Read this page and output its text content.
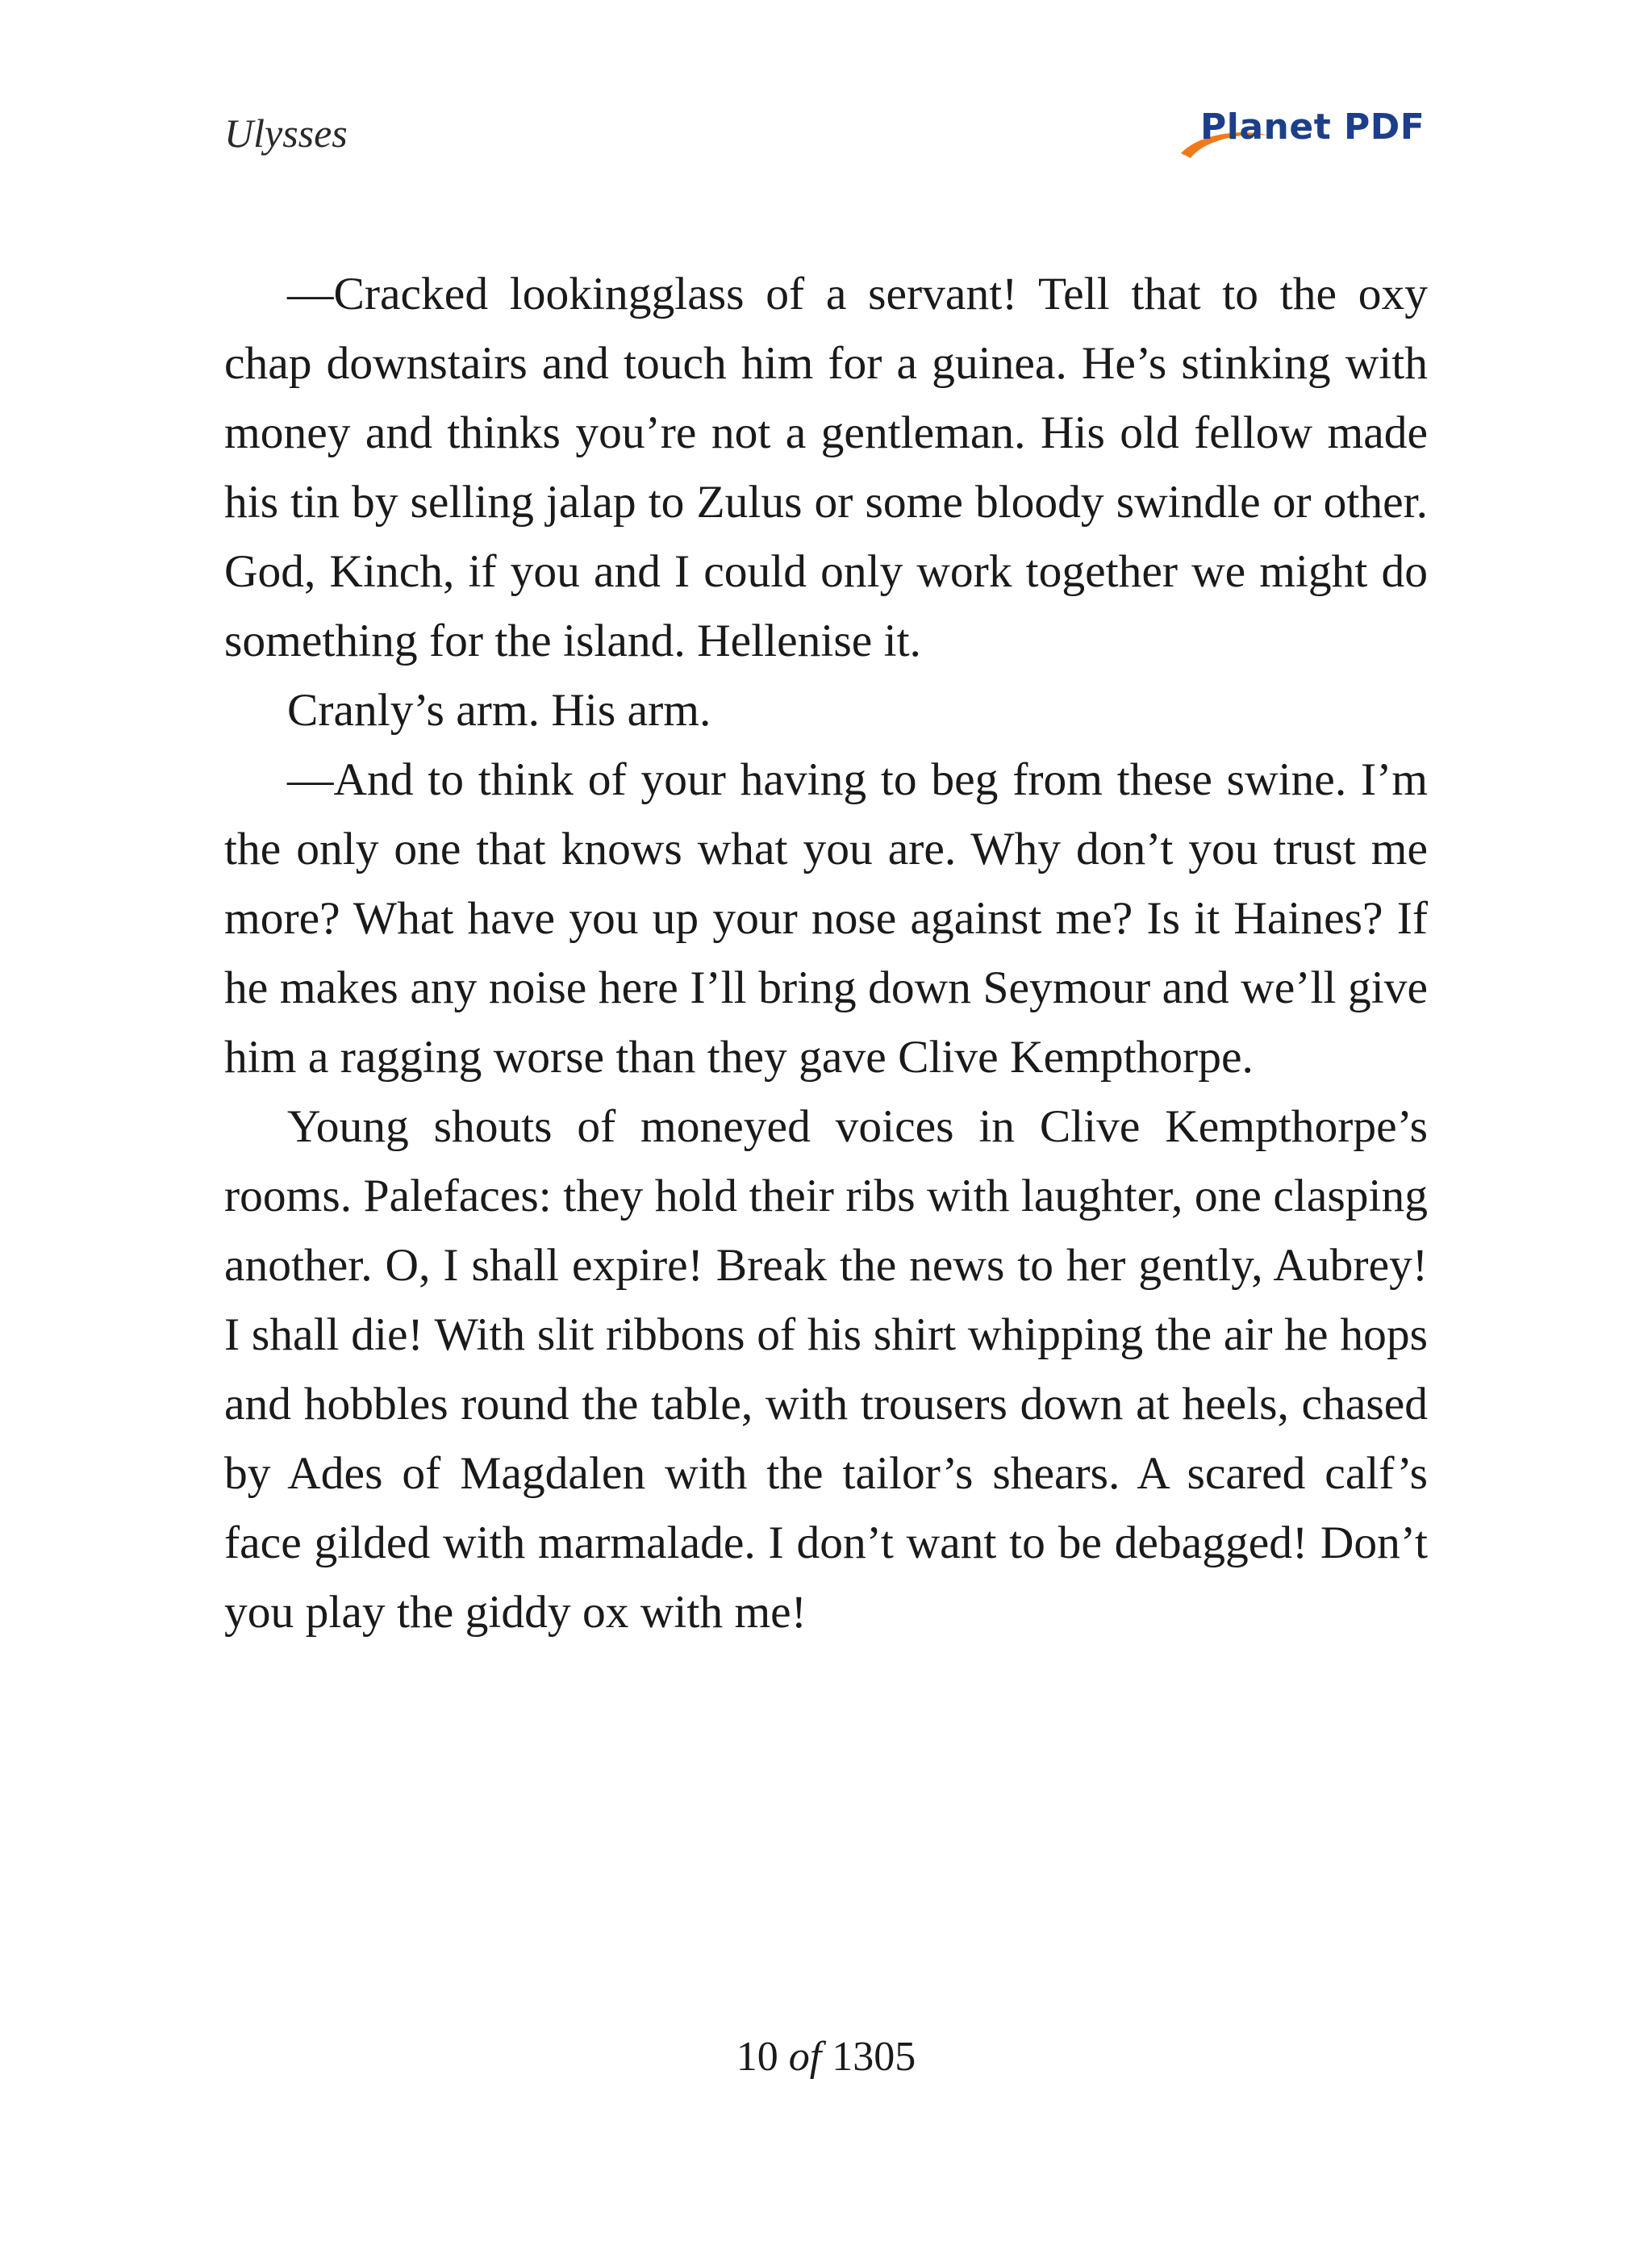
Ulysses	Planet PDF

—Cracked lookingglass of a servant! Tell that to the oxy chap downstairs and touch him for a guinea. He’s stinking with money and thinks you’re not a gentleman. His old fellow made his tin by selling jalap to Zulus or some bloody swindle or other. God, Kinch, if you and I could only work together we might do something for the island. Hellenise it.

Cranly’s arm. His arm.

—And to think of your having to beg from these swine. I’m the only one that knows what you are. Why don’t you trust me more? What have you up your nose against me? Is it Haines? If he makes any noise here I’ll bring down Seymour and we’ll give him a ragging worse than they gave Clive Kempthorpe.

Young shouts of moneyed voices in Clive Kempthorpe’s rooms. Palefaces: they hold their ribs with laughter, one clasping another. O, I shall expire! Break the news to her gently, Aubrey! I shall die! With slit ribbons of his shirt whipping the air he hops and hobbles round the table, with trousers down at heels, chased by Ades of Magdalen with the tailor’s shears. A scared calf’s face gilded with marmalade. I don’t want to be debagged! Don’t you play the giddy ox with me!

10 of 1305
